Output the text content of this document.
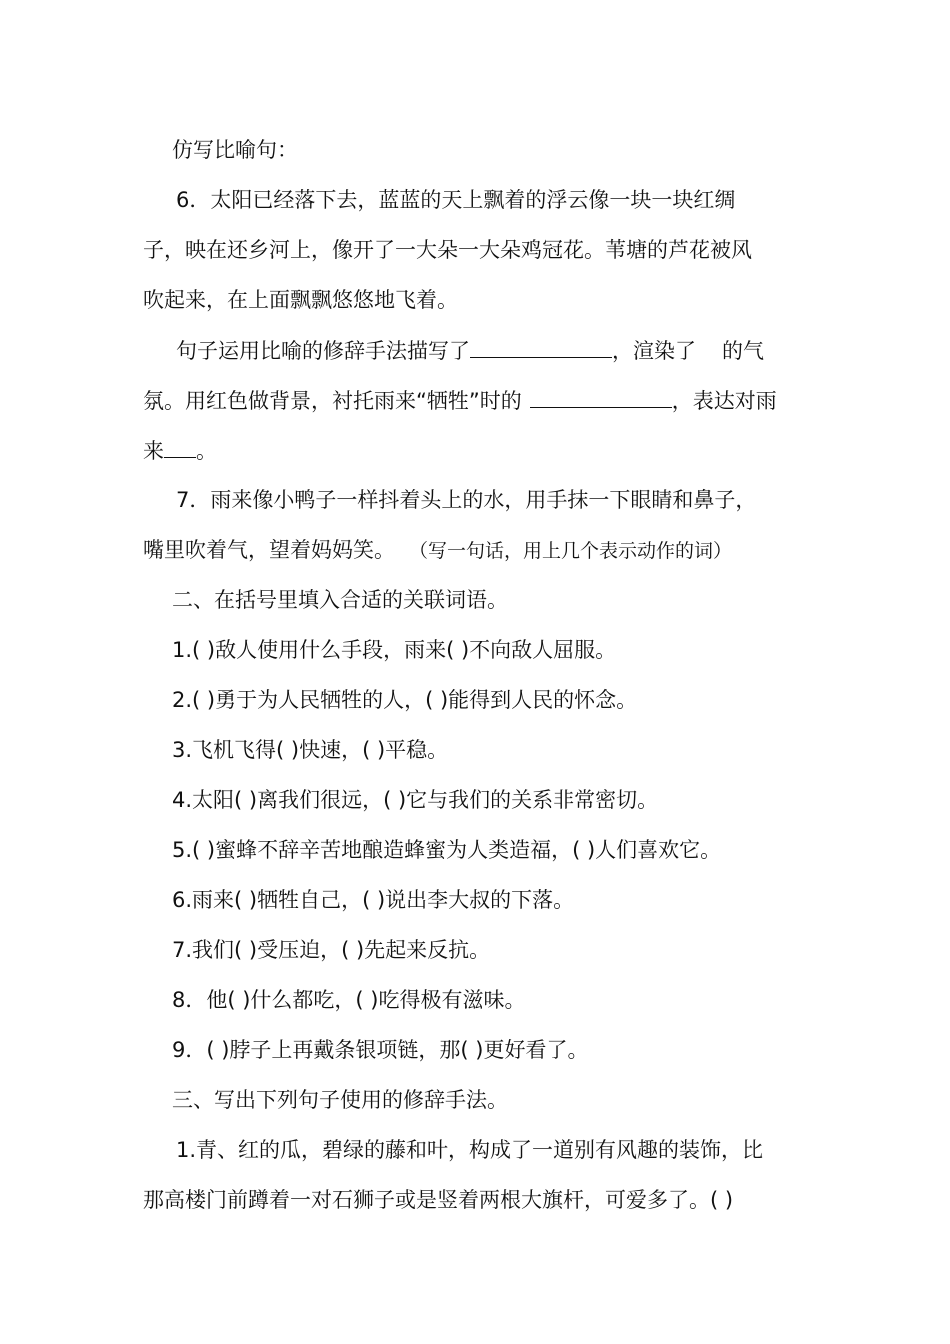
仿写比喻句：
6．太阳已经落下去，蓝蓝的天上飘着的浮云像一块一块红绸
子，映在还乡河上，像开了一大朵一大朵鸡冠花。苇塘的芦花被风
吹起来，在上面飘飘悠悠地飞着。
句子运用比喻的修辞手法描写了	，渲染了 的气
氛。用红色做背景，衬托雨来“牺牲”时的	，表达对雨
来 。
7．雨来像小鸭子一样抖着头上的水，用手抹一下眼睛和鼻子，
嘴里吹着气，望着妈妈笑。 （写一句话，用上几个表示动作的词）
二、在括号里填入合适的关联词语。
1.( )敌人使用什么手段，雨来( )不向敌人屈服。
2.( )勇于为人民牺牲的人，( )能得到人民的怀念。
3.飞机飞得( )快速，( )平稳。
4.太阳( )离我们很远，( )它与我们的关系非常密切。
5.( )蜜蜂不辞辛苦地酿造蜂蜜为人类造福，( )人们喜欢它。
6.雨来( )牺牲自己，( )说出李大叔的下落。
7.我们( )受压迫，( )先起来反抗。
8．他( )什么都吃，( )吃得极有滋味。
9．( )脖子上再戴条银项链，那( )更好看了。
三、写出下列句子使用的修辞手法。
1.青、红的瓜，碧绿的藤和叶，构成了一道别有风趣的装饰，比
那高楼门前蹲着一对石狮子或是竖着两根大旗杆，可爱多了。( )
